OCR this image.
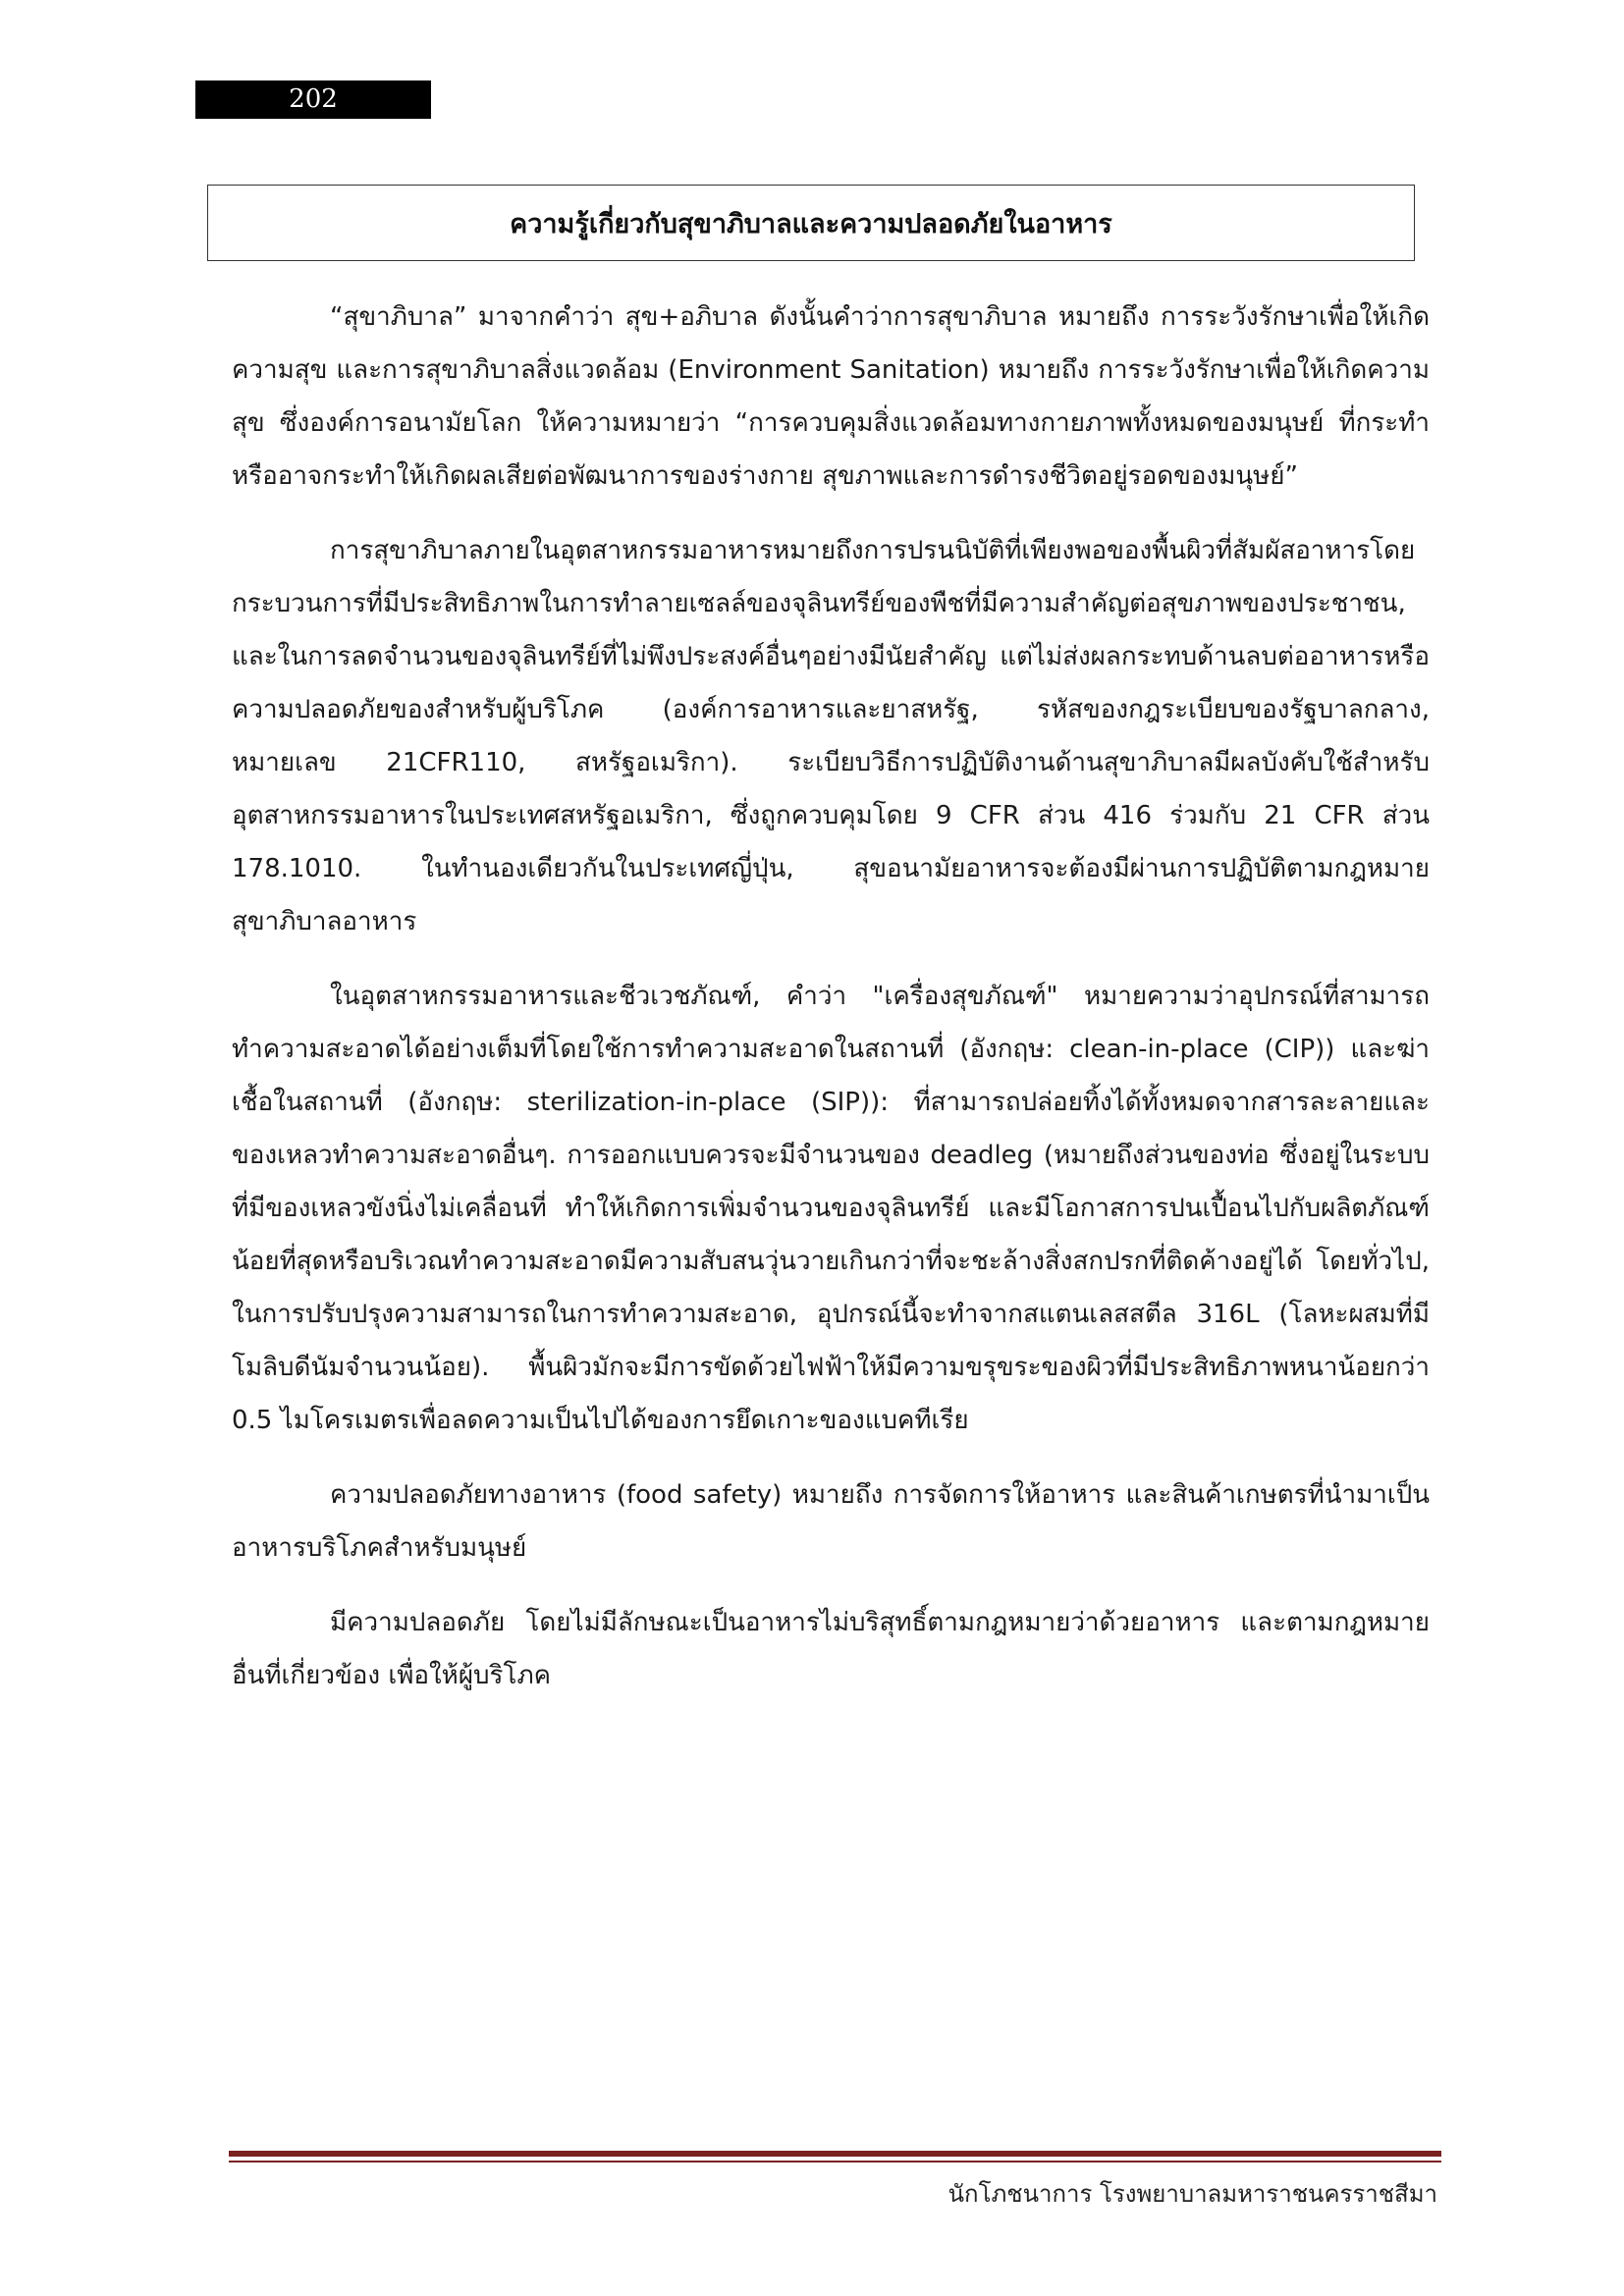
202
ความรู้เกี่ยวกับสุขาภิบาลและความปลอดภัยในอาหาร

“สุขาภิบาล” มาจากคำว่า สุข+อภิบาล ดังนั้นคำว่าการสุขาภิบาล หมายถึง การระวังรักษาเพื่อให้เกิดความสุข และการสุขาภิบาลสิ่งแวดล้อม (Environment Sanitation) หมายถึง การระวังรักษาเพื่อให้เกิดความสุข ซึ่งองค์การอนามัยโลก ให้ความหมายว่า “การควบคุมสิ่งแวดล้อมทางกายภาพทั้งหมดของมนุษย์ ที่กระทำหรืออาจกระทำให้เกิดผลเสียต่อพัฒนาการของร่างกาย สุขภาพและการดำรงชีวิตอยู่รอดของมนุษย์”

การสุขาภิบาลภายในอุตสาหกรรมอาหารหมายถึงการปรนนิบัติที่เพียงพอของพื้นผิวที่สัมผัสอาหารโดยกระบวนการที่มีประสิทธิภาพในการทำลายเซลล์ของจุลินทรีย์ของพืชที่มีความสำคัญต่อสุขภาพของประชาชน, และในการลดจำนวนของจุลินทรีย์ที่ไม่พึงประสงค์อื่นๆอย่างมีนัยสำคัญ แต่ไม่ส่งผลกระทบด้านลบต่ออาหารหรือความปลอดภัยของสำหรับผู้บริโภค (องค์การอาหารและยาสหรัฐ, รหัสของกฎระเบียบของรัฐบาลกลาง, หมายเลข 21CFR110, สหรัฐอเมริกา). ระเบียบวิธีการปฏิบัติงานด้านสุขาภิบาลมีผลบังคับใช้สำหรับอุตสาหกรรมอาหารในประเทศสหรัฐอเมริกา, ซึ่งถูกควบคุมโดย 9 CFR ส่วน 416 ร่วมกับ 21 CFR ส่วน 178.1010. ในทำนองเดียวกันในประเทศญี่ปุ่น, สุขอนามัยอาหารจะต้องมีผ่านการปฏิบัติตามกฎหมายสุขาภิบาลอาหาร

ในอุตสาหกรรมอาหารและชีวเวชภัณฑ์, คำว่า "เครื่องสุขภัณฑ์" หมายความว่าอุปกรณ์ที่สามารถทำความสะอาดได้อย่างเต็มที่โดยใช้การทำความสะอาดในสถานที่ (อังกฤษ: clean-in-place (CIP)) และฆ่าเชื้อในสถานที่ (อังกฤษ: sterilization-in-place (SIP)): ที่สามารถปล่อยทิ้งได้ทั้งหมดจากสารละลายและของเหลวทำความสะอาดอื่นๆ. การออกแบบควรจะมีจำนวนของ deadleg (หมายถึงส่วนของท่อ ซึ่งอยู่ในระบบ ที่มีของเหลวขังนิ่งไม่เคลื่อนที่ ทำให้เกิดการเพิ่มจำนวนของจุลินทรีย์ และมีโอกาสการปนเปื้อนไปกับผลิตภัณฑ์น้อยที่สุดหรือบริเวณทำความสะอาดมีความสับสนวุ่นวายเกินกว่าที่จะชะล้างสิ่งสกปรกที่ติดค้างอยู่ได้ โดยทั่วไป, ในการปรับปรุงความสามารถในการทำความสะอาด, อุปกรณ์นี้จะทำจากสแตนเลสสตีล 316L (โลหะผสมที่มีโมลิบดีนัมจำนวนน้อย). พื้นผิวมักจะมีการขัดด้วยไฟฟ้าให้มีความขรุขระของผิวที่มีประสิทธิภาพหนาน้อยกว่า 0.5 ไมโครเมตรเพื่อลดความเป็นไปได้ของการยึดเกาะของแบคทีเรีย

ความปลอดภัยทางอาหาร (food safety) หมายถึง การจัดการให้อาหาร และสินค้าเกษตรที่นำมาเป็นอาหารบริโภคสำหรับมนุษย์

มีความปลอดภัย โดยไม่มีลักษณะเป็นอาหารไม่บริสุทธิ์ตามกฎหมายว่าด้วยอาหาร และตามกฎหมายอื่นที่เกี่ยวข้อง เพื่อให้ผู้บริโภค

นักโภชนาการ โรงพยาบาลมหาราชนครราชสีมา
